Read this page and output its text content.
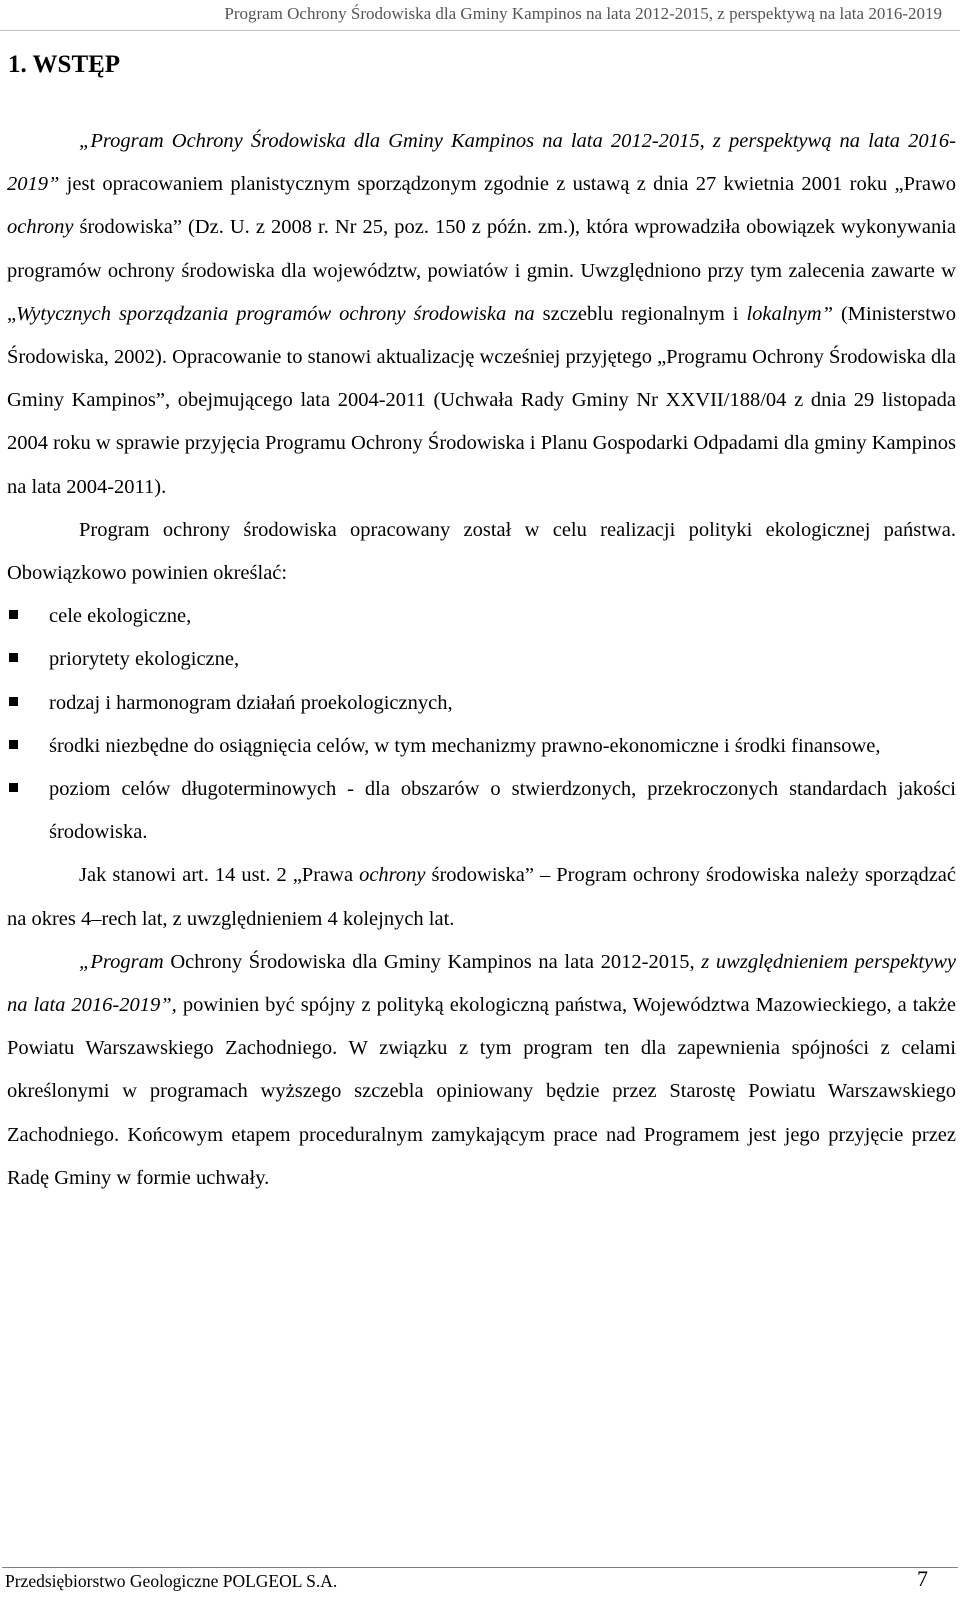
Program Ochrony Środowiska dla Gminy Kampinos na lata 2012-2015, z perspektywą na lata 2016-2019
1. WSTĘP

„Program Ochrony Środowiska dla Gminy Kampinos na lata 2012-2015, z perspektywą na lata 2016-2019” jest opracowaniem planistycznym sporządzonym zgodnie z ustawą z dnia 27 kwietnia 2001 roku „Prawo ochrony środowiska” (Dz. U. z 2008 r. Nr 25, poz. 150 z późn. zm.), która wprowadziła obowiązek wykonywania programów ochrony środowiska dla województw, powiatów i gmin. Uwzględniono przy tym zalecenia zawarte w „Wytycznych sporządzania programów ochrony środowiska na szczeblu regionalnym i lokalnym” (Ministerstwo Środowiska, 2002). Opracowanie to stanowi aktualizację wcześniej przyjętego „Programu Ochrony Środowiska dla Gminy Kampinos”, obejmującego lata 2004-2011 (Uchwała Rady Gminy Nr XXVII/188/04 z dnia 29 listopada 2004 roku w sprawie przyjęcia Programu Ochrony Środowiska i Planu Gospodarki Odpadami dla gminy Kampinos na lata 2004-2011).

Program ochrony środowiska opracowany został w celu realizacji polityki ekologicznej państwa. Obowiązkowo powinien określać:

cele ekologiczne,
priorytety ekologiczne,
rodzaj i harmonogram działań proekologicznych,
środki niezbędne do osiągnięcia celów, w tym mechanizmy prawno-ekonomiczne i środki finansowe,
poziom celów długoterminowych - dla obszarów o stwierdzonych, przekroczonych standardach jakości środowiska.

Jak stanowi art. 14 ust. 2 „Prawa ochrony środowiska” – Program ochrony środowiska należy sporządzać na okres 4–rech lat, z uwzględnieniem 4 kolejnych lat.

„Program Ochrony Środowiska dla Gminy Kampinos na lata 2012-2015, z uwzględnieniem perspektywy na lata 2016-2019”, powinien być spójny z polityką ekologiczną państwa, Województwa Mazowieckiego, a także Powiatu Warszawskiego Zachodniego. W związku z tym program ten dla zapewnienia spójności z celami określonymi w programach wyższego szczebla opiniowany będzie przez Starostę Powiatu Warszawskiego Zachodniego. Końcowym etapem proceduralnym zamykającym prace nad Programem jest jego przyjęcie przez Radę Gminy w formie uchwały.

Przedsiębiorstwo Geologiczne POLGEOL S.A.	7
